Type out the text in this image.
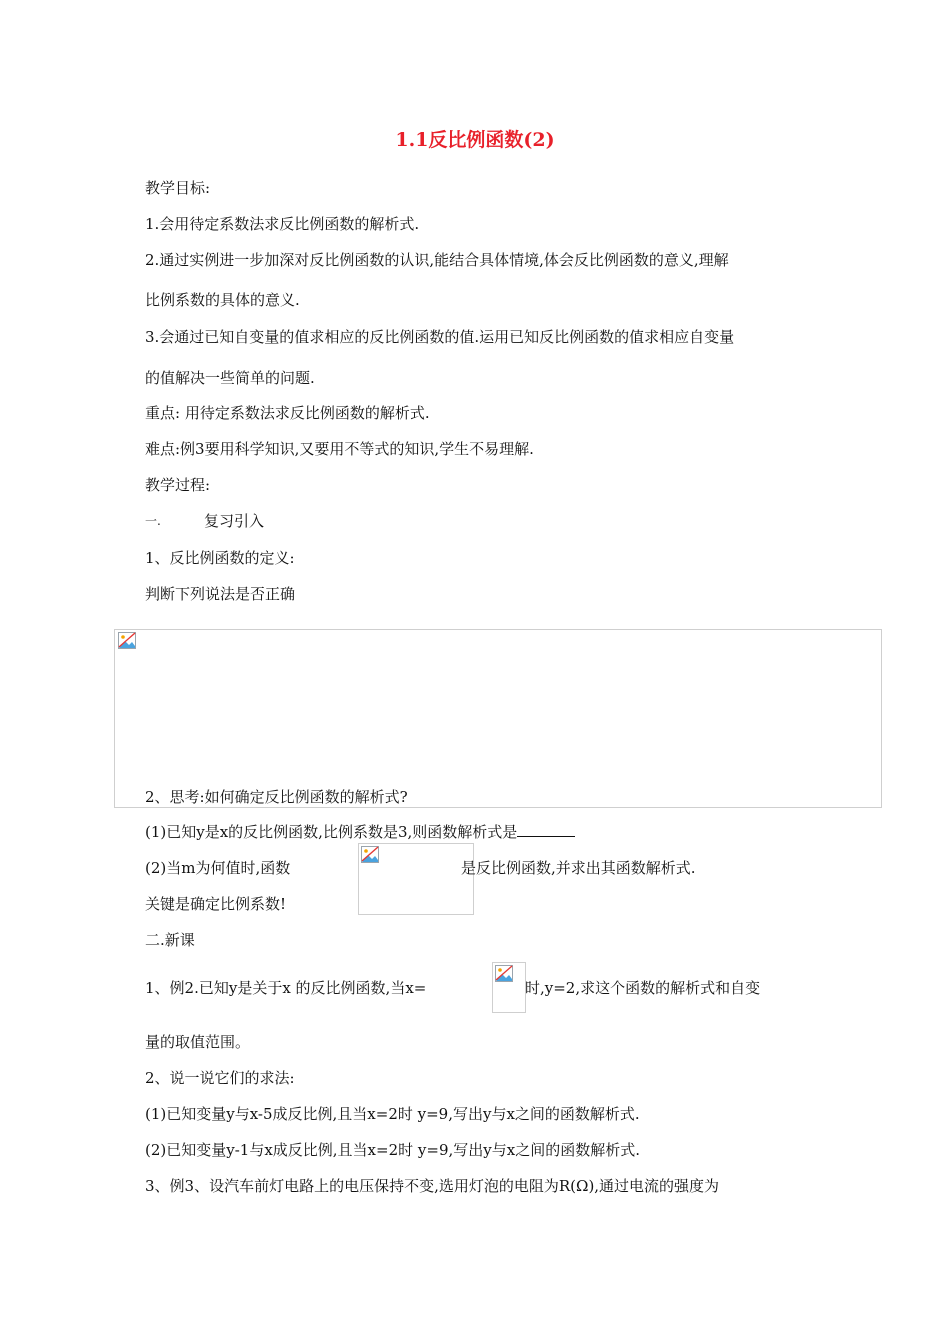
1.1反比例函数(2)
教学目标:
1.会用待定系数法求反比例函数的解析式.
2.通过实例进一步加深对反比例函数的认识,能结合具体情境,体会反比例函数的意义,理解
比例系数的具体的意义.
3.会通过已知自变量的值求相应的反比例函数的值.运用已知反比例函数的值求相应自变量
的值解决一些简单的问题.
重点: 用待定系数法求反比例函数的解析式.
难点:例3要用科学知识,又要用不等式的知识,学生不易理解.
教学过程:
一.	复习引入
1、反比例函数的定义:
判断下列说法是否正确
2、思考:如何确定反比例函数的解析式?
(1)已知y是x的反比例函数,比例系数是3,则函数解析式是
(2)当m为何值时,函数	是反比例函数,并求出其函数解析式.
关键是确定比例系数!
二.新课
1、例2.已知y是关于x 的反比例函数,当x=	时,y=2,求这个函数的解析式和自变
量的取值范围。
2、说一说它们的求法:
(1)已知变量y与x-5成反比例,且当x=2时 y=9,写出y与x之间的函数解析式.
(2)已知变量y-1与x成反比例,且当x=2时 y=9,写出y与x之间的函数解析式.
3、例3、设汽车前灯电路上的电压保持不变,选用灯泡的电阻为R(Ω),通过电流的强度为
